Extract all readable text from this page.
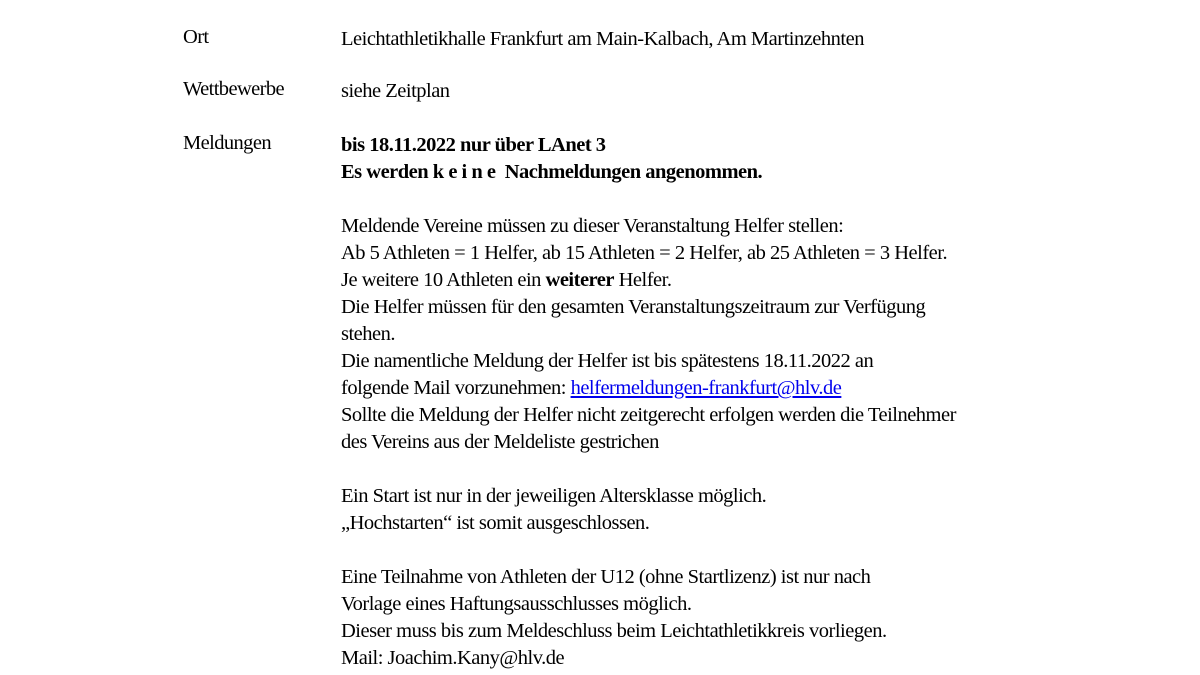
Ort	Leichtathletikhalle Frankfurt am Main-Kalbach, Am Martinzehnten
Wettbewerbe	siehe Zeitplan
Meldungen	bis 18.11.2022 nur über LAnet 3
Es werden k e i n e  Nachmeldungen angenommen.
Meldende Vereine müssen zu dieser Veranstaltung Helfer stellen:
Ab 5 Athleten = 1 Helfer, ab 15 Athleten = 2 Helfer, ab 25 Athleten = 3 Helfer.
Je weitere 10 Athleten ein weiterer Helfer.
Die Helfer müssen für den gesamten Veranstaltungszeitraum zur Verfügung
stehen.
Die namentliche Meldung der Helfer ist bis spätestens 18.11.2022 an
folgende Mail vorzunehmen: helfermeldungen-frankfurt@hlv.de
Sollte die Meldung der Helfer nicht zeitgerecht erfolgen werden die Teilnehmer
des Vereins aus der Meldeliste gestrichen
Ein Start ist nur in der jeweiligen Altersklasse möglich.
„Hochstarten“ ist somit ausgeschlossen.
Eine Teilnahme von Athleten der U12 (ohne Startlizenz) ist nur nach
Vorlage eines Haftungsausschlusses möglich.
Dieser muss bis zum Meldeschluss beim Leichtathletikkreis vorliegen.
Mail: Joachim.Kany@hlv.de
